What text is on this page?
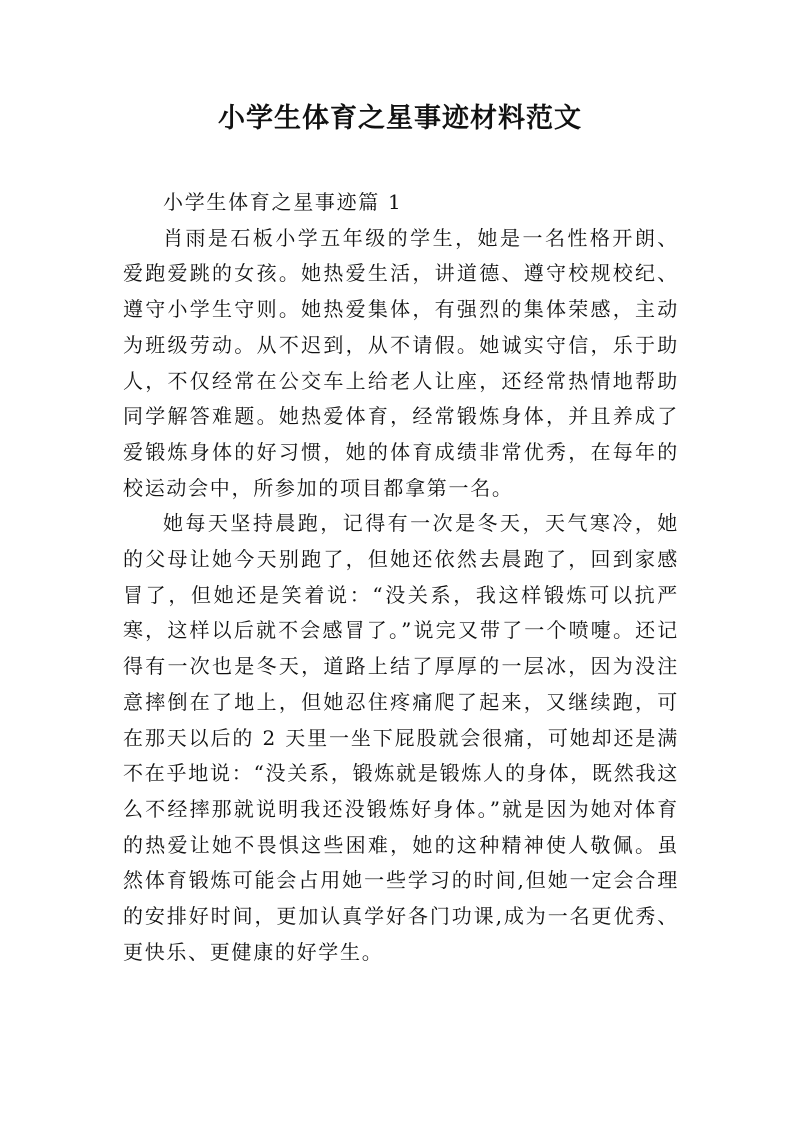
小学生体育之星事迹材料范文

小学生体育之星事迹篇 1

肖雨是石板小学五年级的学生，她是一名性格开朗、爱跑爱跳的女孩。她热爱生活，讲道德、遵守校规校纪、遵守小学生守则。她热爱集体，有强烈的集体荣感，主动为班级劳动。从不迟到，从不请假。她诚实守信，乐于助人，不仅经常在公交车上给老人让座，还经常热情地帮助同学解答难题。她热爱体育，经常锻炼身体，并且养成了爱锻炼身体的好习惯，她的体育成绩非常优秀，在每年的校运动会中，所参加的项目都拿第一名。

她每天坚持晨跑，记得有一次是冬天，天气寒冷，她的父母让她今天别跑了，但她还依然去晨跑了，回到家感冒了，但她还是笑着说：“没关系，我这样锻炼可以抗严寒，这样以后就不会感冒了。”说完又带了一个喷嚏。还记得有一次也是冬天，道路上结了厚厚的一层冰，因为没注意摔倒在了地上，但她忍住疼痛爬了起来，又继续跑，可在那天以后的 2 天里一坐下屁股就会很痛，可她却还是满不在乎地说：“没关系，锻炼就是锻炼人的身体，既然我这么不经摔那就说明我还没锻炼好身体。”就是因为她对体育的热爱让她不畏惧这些困难，她的这种精神使人敬佩。虽然体育锻炼可能会占用她一些学习的时间,但她一定会合理的安排好时间，更加认真学好各门功课,成为一名更优秀、更快乐、更健康的好学生。
